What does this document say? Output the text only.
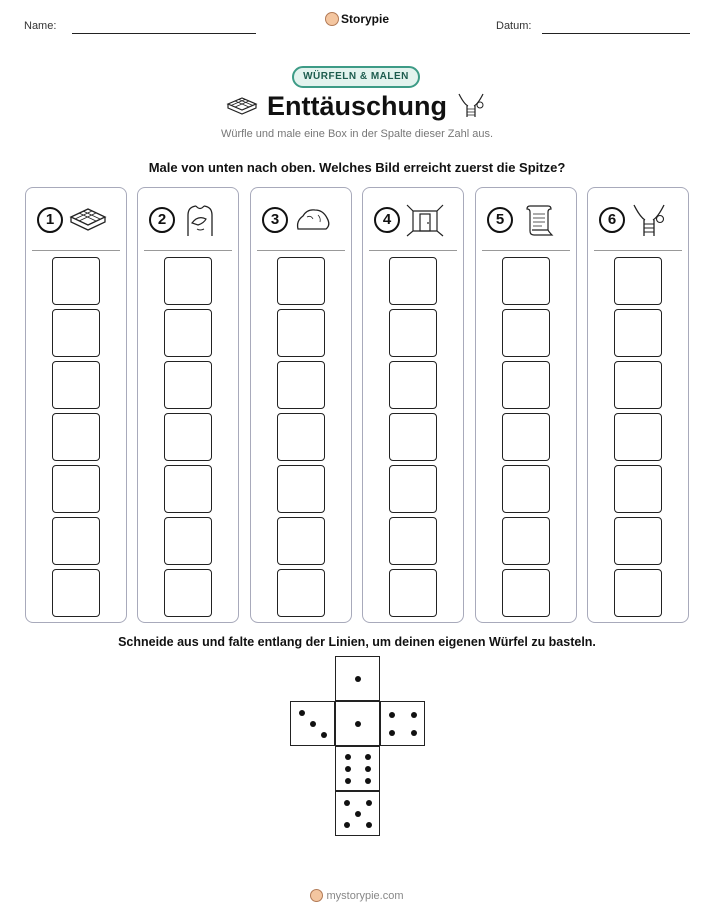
Name:	Storypie	Datum:
WÜRFELN & MALEN
Enttäuschung
Würfle und male eine Box in der Spalte dieser Zahl aus.
Male von unten nach oben. Welches Bild erreicht zuerst die Spitze?
1	2	3	4	5	6
Schneide aus und falte entlang der Linien, um deinen eigenen Würfel zu basteln.
mystorypie.com
